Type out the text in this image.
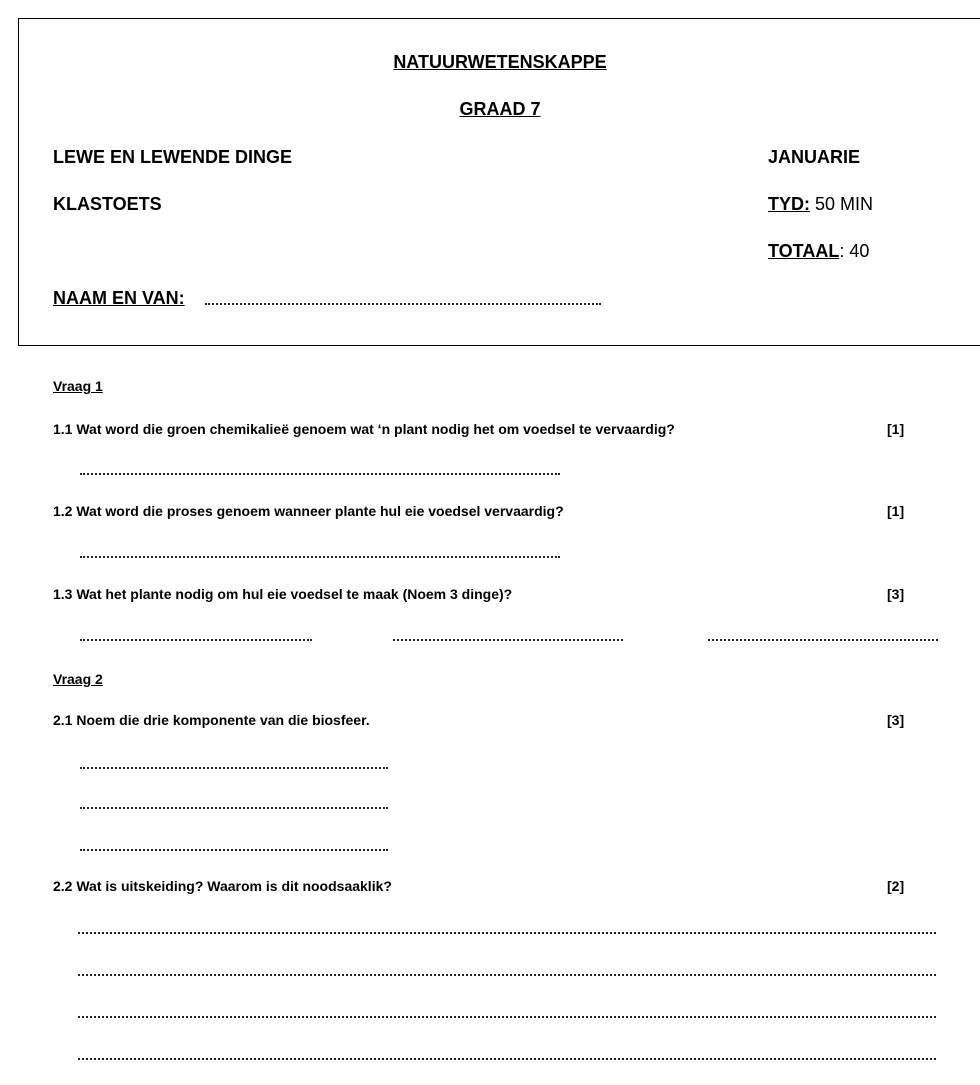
NATUURWETENSKAPPE
GRAAD 7
LEWE EN LEWENDE DINGE	JANUARIE
KLASTOETS	TYD: 50 MIN
TOTAAL: 40
NAAM EN VAN:
Vraag 1
1.1 Wat word die groen chemikalieë genoem wat ‘n plant nodig het om voedsel te vervaardig?	[1]
1.2 Wat word die proses genoem wanneer plante hul eie voedsel vervaardig?	[1]
1.3 Wat het plante nodig om hul eie voedsel te maak (Noem 3 dinge)?	[3]
Vraag 2
2.1 Noem die drie komponente van die biosfeer.	[3]
2.2 Wat is uitskeiding? Waarom is dit noodsaaklik?	[2]
